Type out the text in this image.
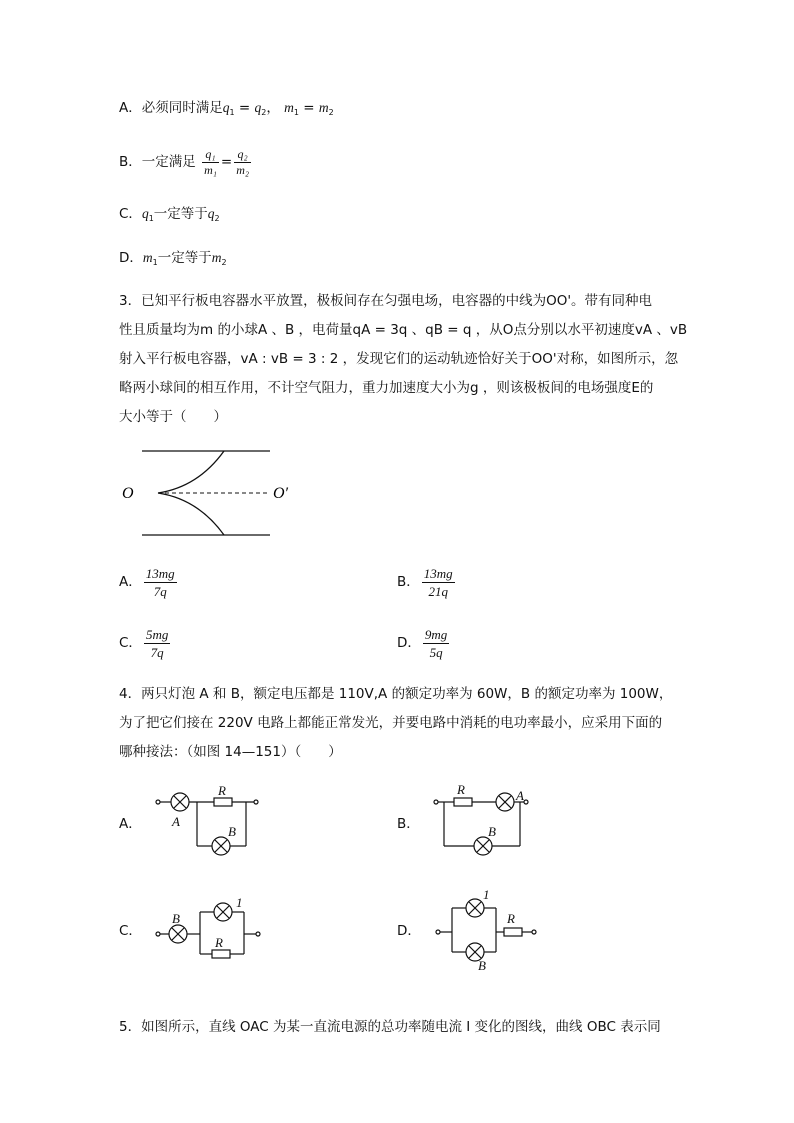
A．必须同时满足$q_1 = q_2$， $m_1 = m_2$
B．一定满足 $\frac{\text{q₁}}{\text{m₁}} = \frac{\text{q₂}}{\text{m₂}}$
C．$q_1$一定等于$q_2$
D．$m_1$一定等于$m_2$
3．已知平行板电容器水平放置，极板间存在匀强电场，电容器的中线为OO'。带有同种电
性且质量均为m 的小球A 、B ，电荷量qA = 3q 、qB = q ，从O点分别以水平初速度vA 、vB
射入平行板电容器，vA : vB = 3 : 2 ，发现它们的运动轨迹恰好关于OO'对称，如图所示，忽
略两小球间的相互作用，不计空气阻力，重力加速度大小为g ，则该极板间的电场强度E的
大小等于（　　）
O	O′
A． $\frac{13mg}{7q}$	B． $\frac{13mg}{21q}$
C． $\frac{5mg}{7q}$	D． $\frac{9mg}{5q}$
4．两只灯泡 A 和 B，额定电压都是 110V,A 的额定功率为 60W，B 的额定功率为 100W，
为了把它们接在 220V 电路上都能正常发光，并要电路中消耗的电功率最小，应采用下面的
哪种接法：（如图 14—151）（　　）
A．
R
A
B	B．
R	A
B
C．
B
1
R
D．
1
R
B
5．如图所示，直线 OAC 为某一直流电源的总功率随电流 I 变化的图线，曲线 OBC 表示同
